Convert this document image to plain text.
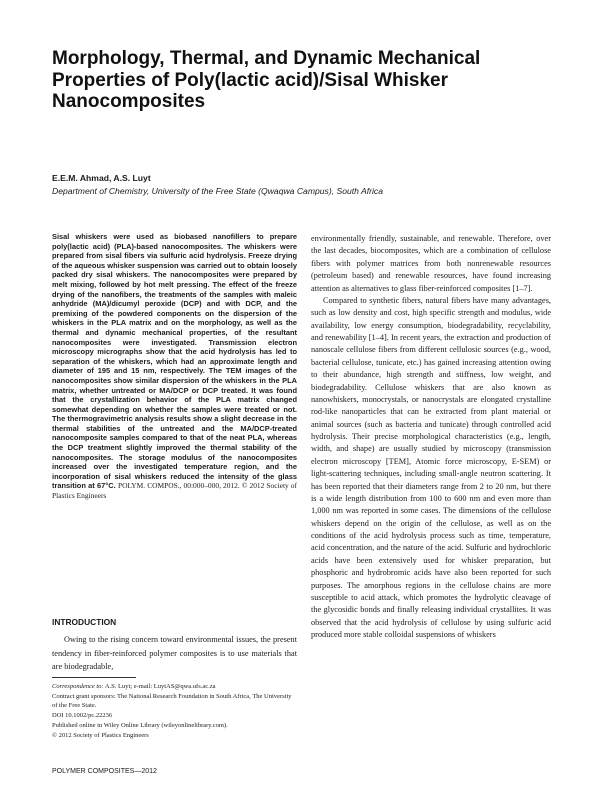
Morphology, Thermal, and Dynamic Mechanical Properties of Poly(lactic acid)/Sisal Whisker Nanocomposites
E.E.M. Ahmad, A.S. Luyt
Department of Chemistry, University of the Free State (Qwaqwa Campus), South Africa
Sisal whiskers were used as biobased nanofillers to prepare poly(lactic acid) (PLA)-based nanocomposites. The whiskers were prepared from sisal fibers via sulfuric acid hydrolysis. Freeze drying of the aqueous whisker suspension was carried out to obtain loosely packed dry sisal whiskers. The nanocomposites were prepared by melt mixing, followed by hot melt pressing. The effect of the freeze drying of the nanofibers, the treatments of the samples with maleic anhydride (MA)/dicumyl peroxide (DCP) and with DCP, and the premixing of the powdered components on the dispersion of the whiskers in the PLA matrix and on the morphology, as well as the thermal and dynamic mechanical properties, of the resultant nanocomposites were investigated. Transmission electron microscopy micrographs show that the acid hydrolysis has led to separation of the whiskers, which had an approximate length and diameter of 195 and 15 nm, respectively. The TEM images of the nanocomposites show similar dispersion of the whiskers in the PLA matrix, whether untreated or MA/DCP or DCP treated. It was found that the crystallization behavior of the PLA matrix changed somewhat depending on whether the samples were treated or not. The thermogravimetric analysis results show a slight decrease in the thermal stabilities of the untreated and the MA/DCP-treated nanocomposite samples compared to that of the neat PLA, whereas the DCP treatment slightly improved the thermal stability of the nanocomposites. The storage modulus of the nanocomposites increased over the investigated temperature region, and the incorporation of sisal whiskers reduced the intensity of the glass transition at 67°C. POLYM. COMPOS., 00:000–000, 2012. © 2012 Society of Plastics Engineers
INTRODUCTION
Owing to the rising concern toward environmental issues, the present tendency in fiber-reinforced polymer composites is to use materials that are biodegradable,

Correspondence to: A.S. Luyt; e-mail: LuytAS@qwa.ufs.ac.za

Contract grant sponsors: The National Research Foundation in South Africa, The University of the Free State.

DOI 10.1002/pc.22236

Published online in Wiley Online Library (wileyonlinelibrary.com).

© 2012 Society of Plastics Engineers

environmentally friendly, sustainable, and renewable. Therefore, over the last decades, biocomposites, which are a combination of cellulose fibers with polymer matrices from both nonrenewable resources (petroleum based) and renewable resources, have found increasing attention as alternatives to glass fiber-reinforced composites [1–7].

Compared to synthetic fibers, natural fibers have many advantages, such as low density and cost, high specific strength and modulus, wide availability, low energy consumption, biodegradability, recyclability, and renewability [1–4]. In recent years, the extraction and production of nanoscale cellulose fibers from different cellulosic sources (e.g., wood, bacterial cellulose, tunicate, etc.) has gained increasing attention owing to their abundance, high strength and stiffness, low weight, and biodegradability. Cellulose whiskers that are also known as nanowhiskers, monocrystals, or nanocrystals are elongated crystalline rod-like nanoparticles that can be extracted from plant material or animal sources (such as bacteria and tunicate) through controlled acid hydrolysis. Their precise morphological characteristics (e.g., length, width, and shape) are usually studied by microscopy (transmission electron microscopy [TEM], Atomic force microscopy, E-SEM) or light-scattering techniques, including small-angle neutron scattering. It has been reported that their diameters range from 2 to 20 nm, but there is a wide length distribution from 100 to 600 nm and even more than 1,000 nm was reported in some cases. The dimensions of the cellulose whiskers depend on the origin of the cellulose, as well as on the conditions of the acid hydrolysis process such as time, temperature, acid concentration, and the nature of the acid. Sulfuric and hydrochloric acids have been extensively used for whisker preparation, but phosphoric and hydrobromic acids have also been reported for such purposes. The amorphous regions in the cellulose chains are more susceptible to acid attack, which promotes the hydrolytic cleavage of the glycosidic bonds and finally releasing individual crystallites. It was observed that the acid hydrolysis of cellulose by using sulfuric acid produced more stable colloidal suspensions of whiskers

POLYMER COMPOSITES—2012
